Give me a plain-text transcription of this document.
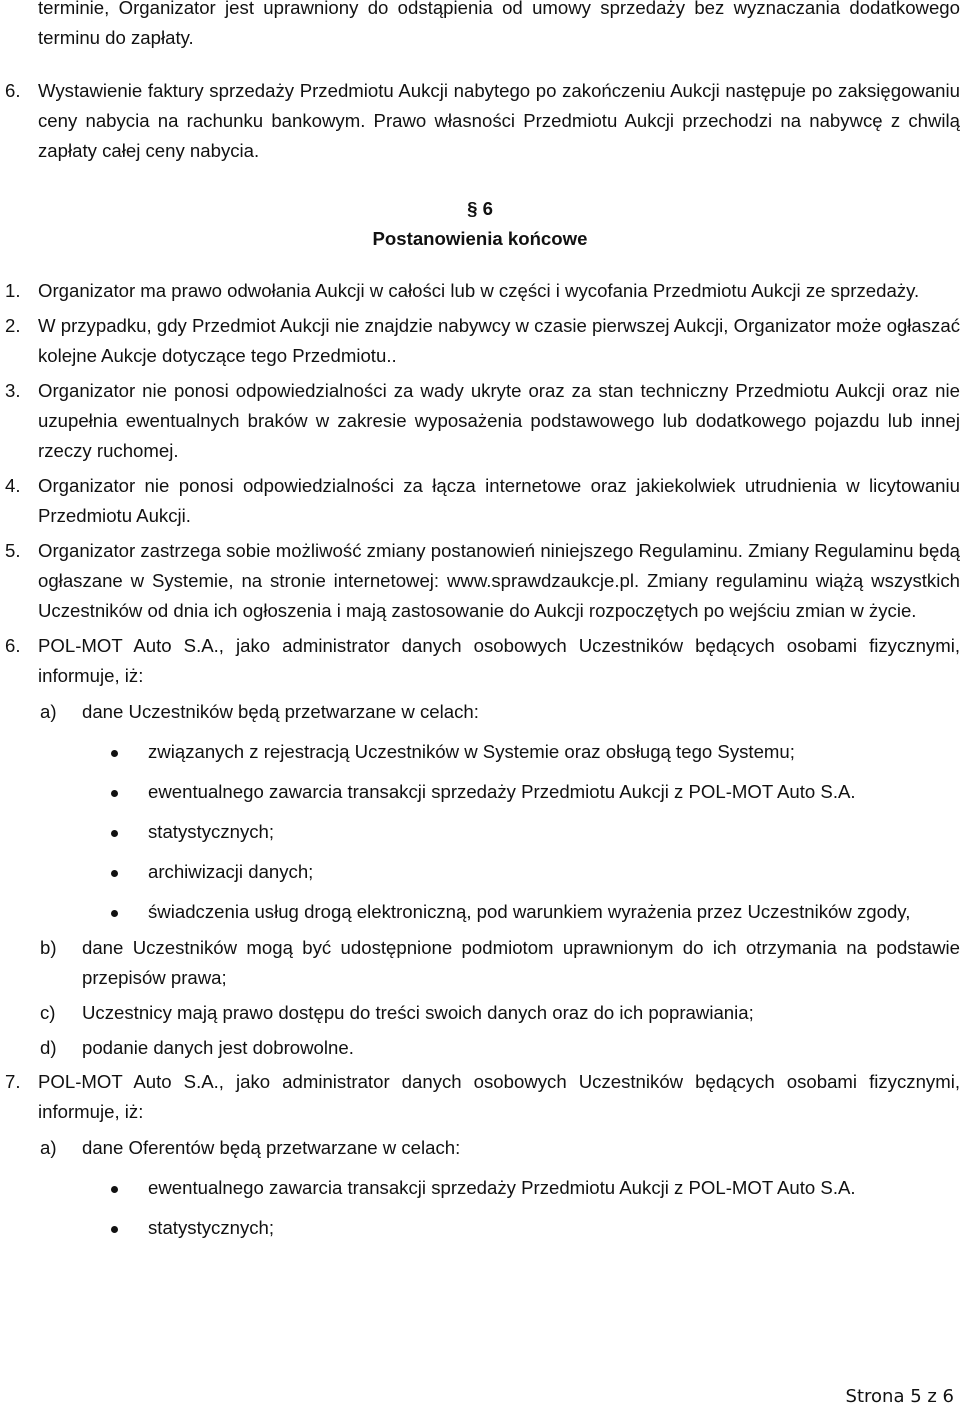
terminie, Organizator jest uprawniony do odstąpienia od umowy sprzedaży bez wyznaczania dodatkowego terminu do zapłaty.

6. Wystawienie faktury sprzedaży Przedmiotu Aukcji nabytego po zakończeniu Aukcji następuje po zaksięgowaniu ceny nabycia na rachunku bankowym. Prawo własności Przedmiotu Aukcji przechodzi na nabywcę z chwilą zapłaty całej ceny nabycia.

§ 6

Postanowienia końcowe

1. Organizator ma prawo odwołania Aukcji w całości lub w części i wycofania Przedmiotu Aukcji ze sprzedaży.
2. W przypadku, gdy Przedmiot Aukcji nie znajdzie nabywcy w czasie pierwszej Aukcji, Organizator może ogłaszać kolejne Aukcje dotyczące tego Przedmiotu..
3. Organizator nie ponosi odpowiedzialności za wady ukryte oraz za stan techniczny Przedmiotu Aukcji oraz nie uzupełnia ewentualnych braków w zakresie wyposażenia podstawowego lub dodatkowego pojazdu lub innej rzeczy ruchomej.
4. Organizator nie ponosi odpowiedzialności za łącza internetowe oraz jakiekolwiek utrudnienia w licytowaniu Przedmiotu Aukcji.
5. Organizator zastrzega sobie możliwość zmiany postanowień niniejszego Regulaminu. Zmiany Regulaminu będą ogłaszane w Systemie, na stronie internetowej: www.sprawdzaukcje.pl. Zmiany regulaminu wiążą wszystkich Uczestników od dnia ich ogłoszenia i mają zastosowanie do Aukcji rozpoczętych po wejściu zmian w życie.
6. POL-MOT Auto S.A., jako administrator danych osobowych Uczestników będących osobami fizycznymi, informuje, iż:
a) dane Uczestników będą przetwarzane w celach:
związanych z rejestracją Uczestników w Systemie oraz obsługą tego Systemu;
ewentualnego zawarcia transakcji sprzedaży Przedmiotu Aukcji z POL-MOT Auto S.A.
statystycznych;
archiwizacji danych;
świadczenia usług drogą elektroniczną, pod warunkiem wyrażenia przez Uczestników zgody,
b) dane Uczestników mogą być udostępnione podmiotom uprawnionym do ich otrzymania na podstawie przepisów prawa;
c) Uczestnicy mają prawo dostępu do treści swoich danych oraz do ich poprawiania;
d) podanie danych jest dobrowolne.
7. POL-MOT Auto S.A., jako administrator danych osobowych Uczestników będących osobami fizycznymi, informuje, iż:
a) dane Oferentów będą przetwarzane w celach:
ewentualnego zawarcia transakcji sprzedaży Przedmiotu Aukcji z POL-MOT Auto S.A.
statystycznych;
Strona 5 z 6
